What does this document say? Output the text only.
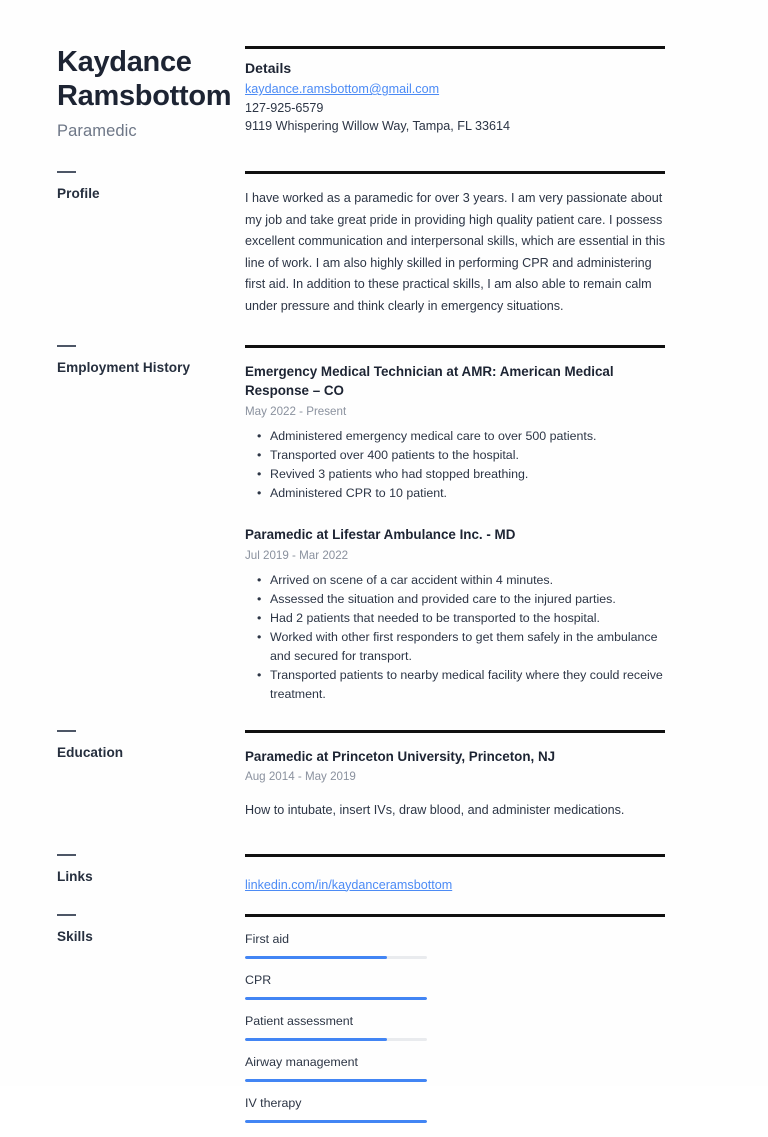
Kaydance Ramsbottom
Paramedic
Details
kaydance.ramsbottom@gmail.com
127-925-6579
9119 Whispering Willow Way, Tampa, FL 33614
Profile	I have worked as a paramedic for over 3 years. I am very passionate about my job and take great pride in providing high quality patient care. I possess excellent communication and interpersonal skills, which are essential in this line of work. I am also highly skilled in performing CPR and administering first aid. In addition to these practical skills, I am also able to remain calm under pressure and think clearly in emergency situations.

Employment History	Emergency Medical Technician at AMR: American Medical Response – CO
May 2022 - Present
• Administered emergency medical care to over 500 patients.
• Transported over 400 patients to the hospital.
• Revived 3 patients who had stopped breathing.
• Administered CPR to 10 patient.
Paramedic at Lifestar Ambulance Inc. - MD
Jul 2019 - Mar 2022
• Arrived on scene of a car accident within 4 minutes.
• Assessed the situation and provided care to the injured parties.
• Had 2 patients that needed to be transported to the hospital.
• Worked with other first responders to get them safely in the ambulance and secured for transport.
• Transported patients to nearby medical facility where they could receive treatment.
Education	Paramedic at Princeton University, Princeton, NJ
Aug 2014 - May 2019
How to intubate, insert IVs, draw blood, and administer medications.
Links
linkedin.com/in/kaydanceramsbottom
Skills	First aid
CPR
Patient assessment
Airway management
IV therapy
